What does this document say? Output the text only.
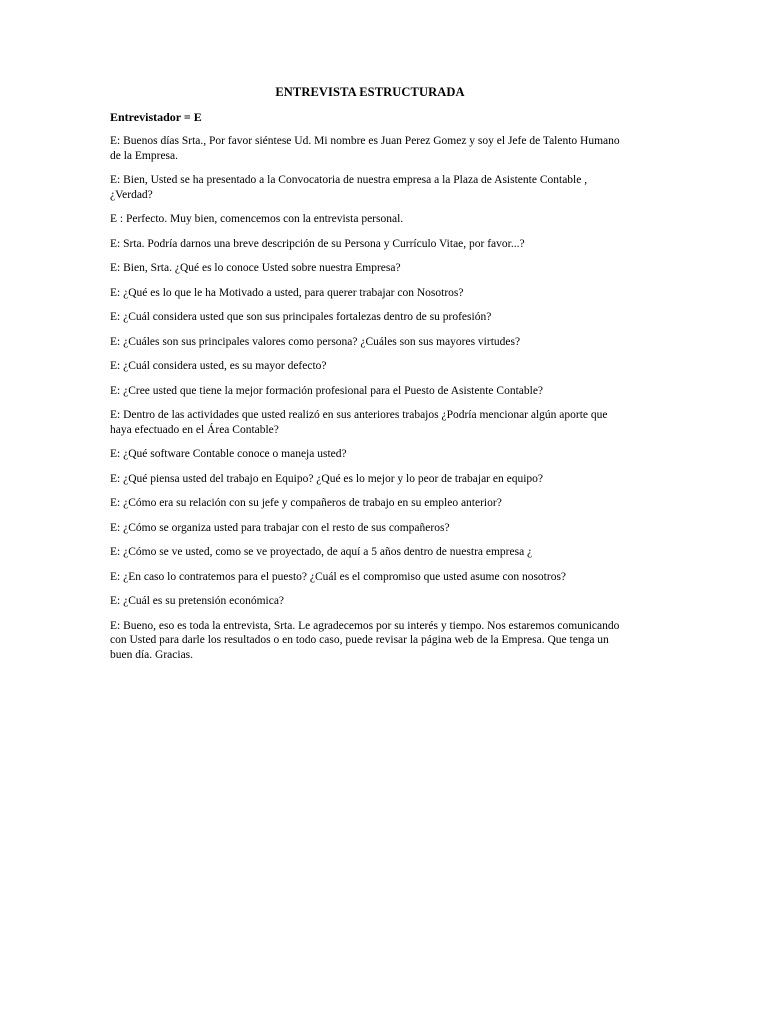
ENTREVISTA ESTRUCTURADA
Entrevistador = E

E: Buenos días Srta., Por favor siéntese Ud. Mi nombre es Juan Perez Gomez y soy el Jefe de Talento Humano de la Empresa.

E: Bien, Usted se ha presentado a la Convocatoria de nuestra empresa a la Plaza de Asistente Contable , ¿Verdad?

E : Perfecto. Muy bien, comencemos con la entrevista personal.

E: Srta. Podría darnos una breve descripción de su Persona y Currículo Vitae, por favor...?

E: Bien, Srta. ¿Qué es lo conoce Usted sobre nuestra Empresa?

E: ¿Qué es lo que le ha Motivado a usted, para querer trabajar con Nosotros?

E: ¿Cuál considera usted que son sus principales fortalezas dentro de su profesión?

E: ¿Cuáles son sus principales valores como persona? ¿Cuáles son sus mayores virtudes?

E: ¿Cuál considera usted, es su mayor defecto?

E: ¿Cree usted que tiene la mejor formación profesional para el Puesto de Asistente Contable?

E: Dentro de las actividades que usted realizó en sus anteriores trabajos ¿Podría mencionar algún aporte que haya efectuado en el Área Contable?

E: ¿Qué software Contable conoce o maneja usted?

E: ¿Qué piensa usted del trabajo en Equipo? ¿Qué es lo mejor y lo peor de trabajar en equipo?

E: ¿Cómo era su relación con su jefe y compañeros de trabajo en su empleo anterior?

E: ¿Cómo se organiza usted para trabajar con el resto de sus compañeros?

E: ¿Cómo se ve usted, como se ve proyectado, de aquí a 5 años dentro de nuestra empresa ¿

E: ¿En caso lo contratemos para el puesto? ¿Cuál es el compromiso que usted asume con nosotros?

E: ¿Cuál es su pretensión económica?

E: Bueno, eso es toda la entrevista, Srta. Le agradecemos por su interés y tiempo. Nos estaremos comunicando con Usted para darle los resultados o en todo caso, puede revisar la página web de la Empresa. Que tenga un buen día. Gracias.
